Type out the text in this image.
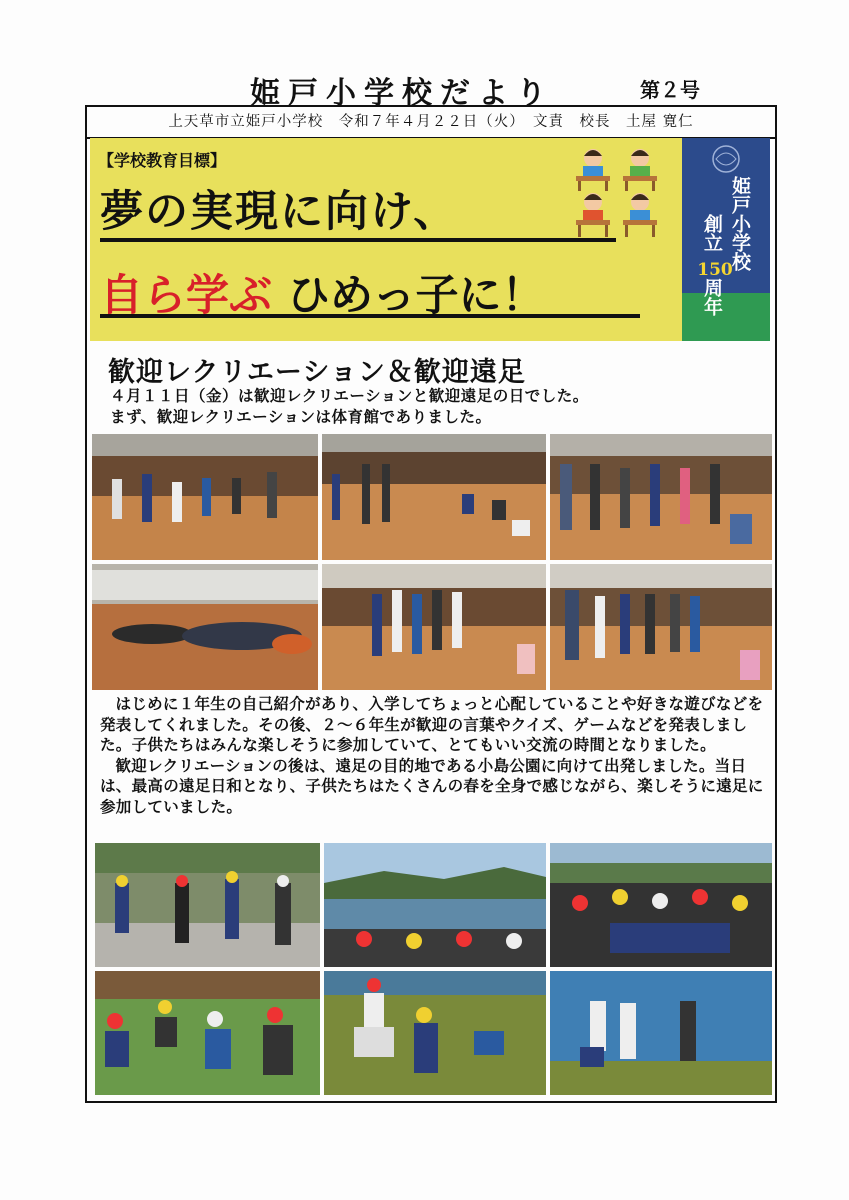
姫戸小学校だより	第２号
上天草市立姫戸小学校　令和７年４月２２日（火）　文責　校長　土屋 寛仁
【学校教育目標】
夢の実現に向け、
自ら学ぶ ひめっ子に！
姫戸小学校
創立
150
周年
歓迎レクリエーション＆歓迎遠足
４月１１日（金）は歓迎レクリエーションと歓迎遠足の日でした。
まず、歓迎レクリエーションは体育館でありました。

はじめに１年生の自己紹介があり、入学してちょっと心配していることや好きな遊びなどを発表してくれました。その後、２～６年生が歓迎の言葉やクイズ、ゲームなどを発表しました。子供たちはみんな楽しそうに参加していて、とてもいい交流の時間となりました。

歓迎レクリエーションの後は、遠足の目的地である小島公園に向けて出発しました。当日は、最高の遠足日和となり、子供たちはたくさんの春を全身で感じながら、楽しそうに遠足に参加していました。
